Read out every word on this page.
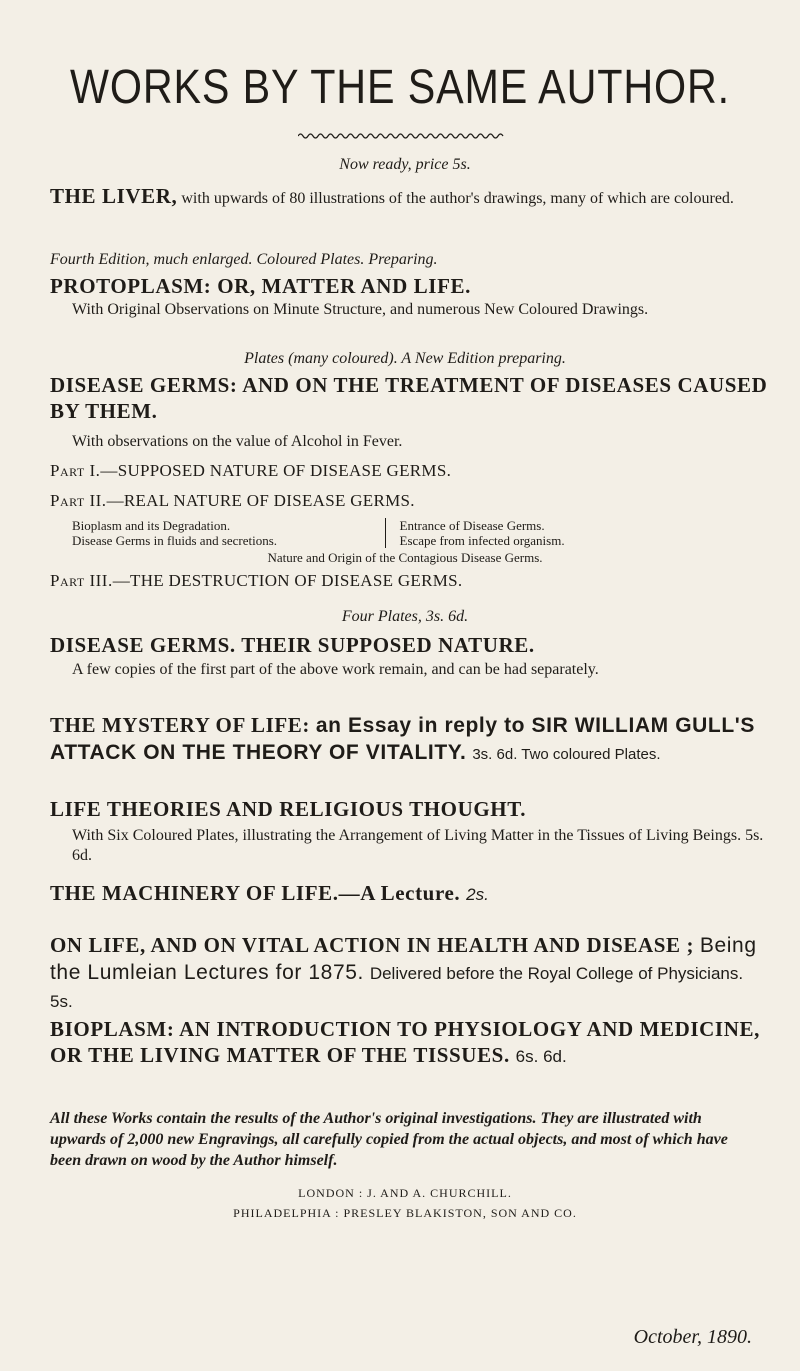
WORKS BY THE SAME AUTHOR.
Now ready, price 5s.
THE LIVER, with upwards of 80 illustrations of the author's drawings, many of which are coloured.
Fourth Edition, much enlarged. Coloured Plates. Preparing.
PROTOPLASM: OR, MATTER AND LIFE.
With Original Observations on Minute Structure, and numerous New Coloured Drawings.
Plates (many coloured). A New Edition preparing.
DISEASE GERMS: AND ON THE TREATMENT OF DISEASES CAUSED BY THEM.
With observations on the value of Alcohol in Fever.
Part I.—SUPPOSED NATURE OF DISEASE GERMS.
Part II.—REAL NATURE OF DISEASE GERMS.
Bioplasm and its Degradation.
Disease Germs in fluids and secretions.
Entrance of Disease Germs.
Escape from infected organism.
Nature and Origin of the Contagious Disease Germs.
Part III.—THE DESTRUCTION OF DISEASE GERMS.
Four Plates, 3s. 6d.
DISEASE GERMS. THEIR SUPPOSED NATURE.
A few copies of the first part of the above work remain, and can be had separately.
THE MYSTERY OF LIFE: an Essay in reply to SIR WILLIAM GULL'S ATTACK ON THE THEORY OF VITALITY. 3s. 6d. Two coloured Plates.
LIFE THEORIES AND RELIGIOUS THOUGHT.
With Six Coloured Plates, illustrating the Arrangement of Living Matter in the Tissues of Living Beings. 5s. 6d.
THE MACHINERY OF LIFE.—A Lecture. 2s.
ON LIFE, AND ON VITAL ACTION IN HEALTH AND DISEASE ; Being the Lumleian Lectures for 1875. Delivered before the Royal College of Physicians. 5s.
BIOPLASM: AN INTRODUCTION TO PHYSIOLOGY AND MEDICINE, OR THE LIVING MATTER OF THE TISSUES. 6s. 6d.
All these Works contain the results of the Author's original investigations. They are illustrated with upwards of 2,000 new Engravings, all carefully copied from the actual objects, and most of which have been drawn on wood by the Author himself.
LONDON : J. AND A. CHURCHILL.
PHILADELPHIA : PRESLEY BLAKISTON, SON AND CO.
October, 1890.
